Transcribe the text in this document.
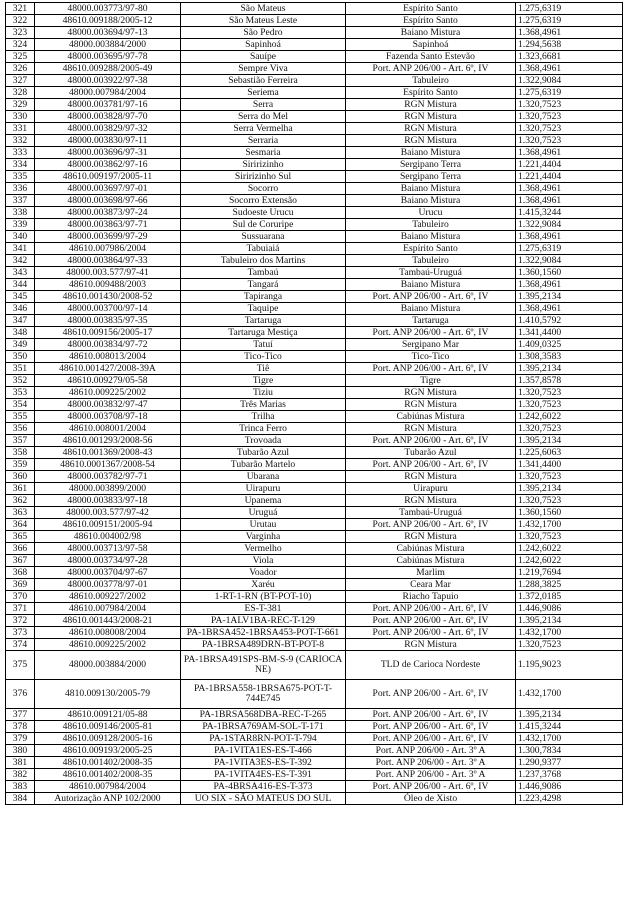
321	48000.003773/97-80	São Mateus	Espírito Santo	1.275,6319
322	48610.009188/2005-12	São Mateus Leste	Espírito Santo	1.275,6319
323	48000.003694/97-13	São Pedro	Baiano Mistura	1.368,4961
324	48000.003884/2000	Sapinhoá	Sapinhoá	1.294,5638
325	48000.003695/97-78	Sauípe	Fazenda Santo Estevão	1.323,6681
326	48610.009288/2005-49	Sempre Viva	Port. ANP 206/00 - Art. 6º, IV	1.368,4961
327	48000.003922/97-38	Sebastião Ferreira	Tabuleiro	1.322,9084
328	48000.007984/2004	Seriema	Espírito Santo	1.275,6319
329	48000.003781/97-16	Serra	RGN Mistura	1.320,7523
330	48000.003828/97-70	Serra do Mel	RGN Mistura	1.320,7523
331	48000.003829/97-32	Serra Vermelha	RGN Mistura	1.320,7523
332	48000.003830/97-11	Serraria	RGN Mistura	1.320,7523
333	48000.003696/97-31	Sesmaria	Baiano Mistura	1.368,4961
334	48000.003862/97-16	Siririzinho	Sergipano Terra	1.221,4404
335	48610.009197/2005-11	Siririzinho Sul	Sergipano Terra	1.221,4404
336	48000.003697/97-01	Socorro	Baiano Mistura	1.368,4961
337	48000.003698/97-66	Socorro Extensão	Baiano Mistura	1.368,4961
338	48000.003873/97-24	Sudoeste Urucu	Urucu	1.415,3244
339	48000.003863/97-71	Sul de Coruripe	Tabuleiro	1.322,9084
340	48000.003699/97-29	Sussuarana	Baiano Mistura	1.368,4961
341	48610.007986/2004	Tabuiaiá	Espírito Santo	1.275,6319
342	48000.003864/97-33	Tabuleiro dos Martins	Tabuleiro	1.322,9084
343	48000.003.577/97-41	Tambaú	Tambaú-Uruguá	1.360,1560
344	48610.009488/2003	Tangará	Baiano Mistura	1.368,4961
345	48610.001430/2008-52	Tapiranga	Port. ANP 206/00 - Art. 6º, IV	1.395,2134
346	48000.003700/97-14	Taquipe	Baiano Mistura	1.368,4961
347	48000.003835/97-35	Tartaruga	Tartaruga	1.410,5792
348	48610.009156/2005-17	Tartaruga Mestiça	Port. ANP 206/00 - Art. 6º, IV	1.341,4400
349	48000.003834/97-72	Tatuí	Sergipano Mar	1.409,0325
350	48610.008013/2004	Tico-Tico	Tico-Tico	1.308,3583
351	48610.001427/2008-39A	Tiê	Port. ANP 206/00 - Art. 6º, IV	1.395,2134
352	48610.009279/05-58	Tigre	Tigre	1.357,8578
353	48610.009225/2002	Tiziu	RGN Mistura	1.320,7523
354	48000.003832/97-47	Três Marias	RGN Mistura	1.320,7523
355	48000.003708/97-18	Trilha	Cabiúnas Mistura	1.242,6022
356	48610.008001/2004	Trinca Ferro	RGN Mistura	1.320,7523
357	48610.001293/2008-56	Trovoada	Port. ANP 206/00 - Art. 6º, IV	1.395,2134
358	48610.001369/2008-43	Tubarão Azul	Tubarão Azul	1.225,6063
359	48610.0001367/2008-54	Tubarão Martelo	Port. ANP 206/00 - Art. 6º, IV	1.341,4400
360	48000.003782/97-71	Ubarana	RGN Mistura	1.320,7523
361	48000.003899/2000	Uirapuru	Uirapuru	1.395,2134
362	48000.003833/97-18	Upanema	RGN Mistura	1.320,7523
363	48000.003.577/97-42	Uruguá	Tambaú-Uruguá	1.360,1560
364	48610.009151/2005-94	Urutau	Port. ANP 206/00 - Art. 6º, IV	1.432,1700
365	48610.004002/98	Varginha	RGN Mistura	1.320,7523
366	48000.003713/97-58	Vermelho	Cabiúnas Mistura	1.242,6022
367	48000.003734/97-28	Viola	Cabiúnas Mistura	1.242,6022
368	48000.003704/97-67	Voador	Marlim	1.219,7694
369	48000.003778/97-01	Xaréu	Ceara Mar	1.288,3825
370	48610.009227/2002	1-RT-1-RN (BT-POT-10)	Riacho Tapuio	1.372,0185
371	48610.007984/2004	ES-T-381	Port. ANP 206/00 - Art. 6º, IV	1.446,9086
372	48610.001443/2008-21	PA-1ALV1BA-REC-T-129	Port. ANP 206/00 - Art. 6º, IV	1.395,2134
373	48610.008008/2004	PA-1BRSA452-1BRSA453-POT-T-661	Port. ANP 206/00 - Art. 6º, IV	1.432,1700
374	48610.009225/2002	PA-1BRSA489DRN-BT-POT-8	RGN Mistura	1.320,7523
375	48000.003884/2000	PA-1BRSA491SPS-BM-S-9 (CARIOCA NE)	TLD de Carioca Nordeste	1.195,9023
376	4810.009130/2005-79	PA-1BRSA558-1BRSA675-POT-T-744E745	Port. ANP 206/00 - Art. 6º, IV	1.432,1700
377	48610.009121/05-88	PA-1BRSA568DBA-REC-T-265	Port. ANP 206/00 - Art. 6º, IV	1.395,2134
378	48610.009146/2005-81	PA-1BRSA769AM-SOL-T-171	Port. ANP 206/00 - Art. 6º, IV	1.415,3244
379	48610.009128/2005-16	PA-1STAR8RN-POT-T-794	Port. ANP 206/00 - Art. 6º, IV	1.432,1700
380	48610.009193/2005-25	PA-1VITA1ES-ES-T-466	Port. ANP 206/00 - Art. 3º A	1.300,7834
381	48610.001402/2008-35	PA-1VITA3ES-ES-T-392	Port. ANP 206/00 - Art. 3º A	1.290,9377
382	48610.001402/2008-35	PA-1VITA4ES-ES-T-391	Port. ANP 206/00 - Art. 3º A	1.237,3768
383	48610.007984/2004	PA-4BRSA416-ES-T-373	Port. ANP 206/00 - Art. 6º, IV	1.446,9086
384	Autorização ANP 102/2000	UO SIX - SÃO MATEUS DO SUL	Óleo de Xisto	1.223,4298
